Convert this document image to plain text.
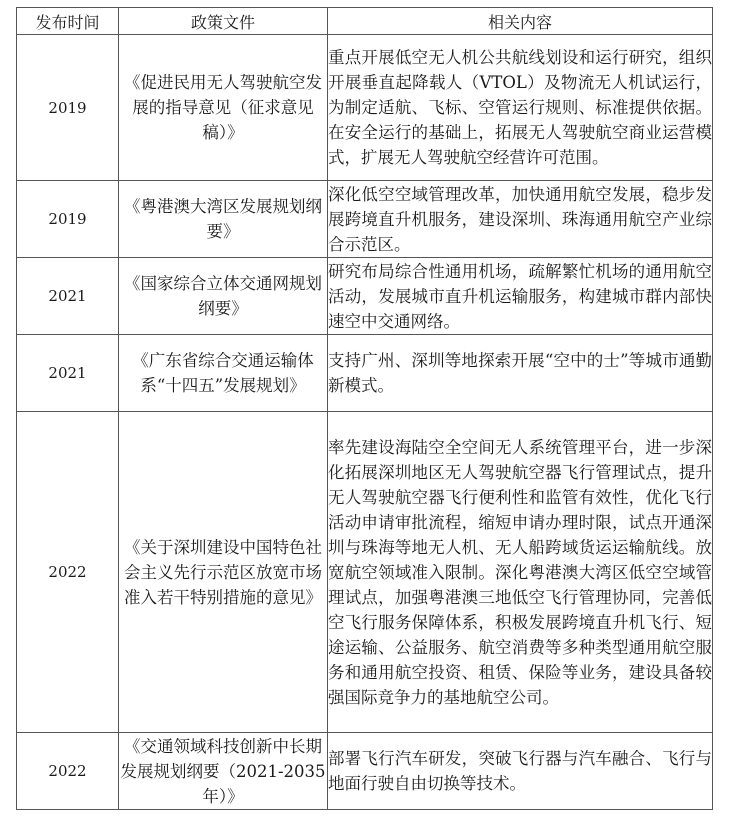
发布时间	政策文件	相关内容
2019	《促进民用无人驾驶航空发展的指导意见（征求意见稿）》	重点开展低空无人机公共航线划设和运行研究，组织开展垂直起降载人（VTOL）及物流无人机试运行，为制定适航、飞标、空管运行规则、标准提供依据。在安全运行的基础上，拓展无人驾驶航空商业运营模式，扩展无人驾驶航空经营许可范围。
2019	《粤港澳大湾区发展规划纲要》	深化低空空域管理改革，加快通用航空发展，稳步发展跨境直升机服务，建设深圳、珠海通用航空产业综合示范区。
2021	《国家综合立体交通网规划纲要》	研究布局综合性通用机场，疏解繁忙机场的通用航空活动，发展城市直升机运输服务，构建城市群内部快速空中交通网络。
2021	《广东省综合交通运输体系“十四五”发展规划》	支持广州、深圳等地探索开展“空中的士”等城市通勤新模式。
2022	《关于深圳建设中国特色社会主义先行示范区放宽市场准入若干特别措施的意见》	率先建设海陆空全空间无人系统管理平台，进一步深化拓展深圳地区无人驾驶航空器飞行管理试点，提升无人驾驶航空器飞行便利性和监管有效性，优化飞行活动申请审批流程，缩短申请办理时限，试点开通深圳与珠海等地无人机、无人船跨域货运运输航线。放宽航空领域准入限制。深化粤港澳大湾区低空空域管理试点，加强粤港澳三地低空飞行管理协同，完善低空飞行服务保障体系，积极发展跨境直升机飞行、短途运输、公益服务、航空消费等多种类型通用航空服务和通用航空投资、租赁、保险等业务，建设具备较强国际竞争力的基地航空公司。
2022	《交通领域科技创新中长期发展规划纲要（2021-2035年）》	部署飞行汽车研发，突破飞行器与汽车融合、飞行与地面行驶自由切换等技术。
